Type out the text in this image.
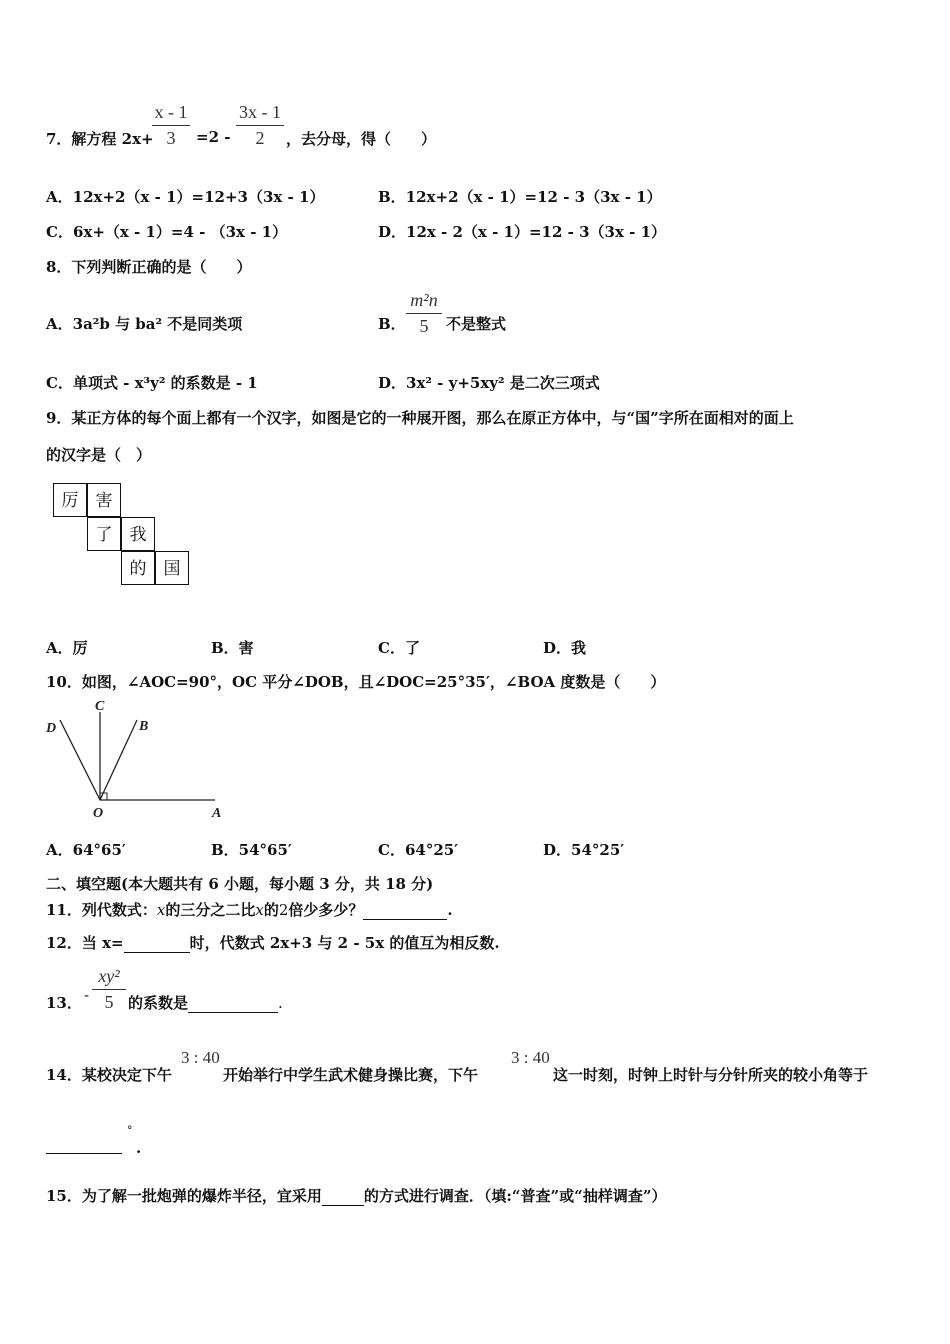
7．解方程 2x+
x - 1
3	=2 -
3x - 1
2	，去分母，得（　　）
A．12x+2（x - 1）=12+3（3x - 1）	B．12x+2（x - 1）=12 - 3（3x - 1）
C．6x+（x - 1）=4 - （3x - 1）	D．12x - 2（x - 1）=12 - 3（3x - 1）
8．下列判断正确的是（　　）
A．3a²b 与 ba² 不是同类项	B．
m²n
5	不是整式
C．单项式 - x³y² 的系数是 - 1	D．3x² - y+5xy² 是二次三项式
9．某正方体的每个面上都有一个汉字，如图是它的一种展开图，那么在原正方体中，与“国”字所在面相对的面上
的汉字是（　）
厉	害
了	我
的	国
A．厉	B．害	C．了	D．我
10．如图，∠AOC=90°，OC 平分∠DOB，且∠DOC=25°35′，∠BOA 度数是（　　）
C
D	B
O	A
A．64°65′	B．54°65′	C．64°25′	D．54°25′
二、填空题(本大题共有 6 小题，每小题 3 分，共 18 分)
11．列代数式：x的三分之二比x的2倍少多少？	.
12．当 x=	时，代数式 2x+3 与 2 - 5x 的值互为相反数.
13． -
xy²
5 的系数是	.
14．某校决定下午
3 : 40
开始举行中学生武术健身操比赛，下午
3 : 40
这一时刻，时钟上时针与分针所夹的较小角等于
°
.
15．为了解一批炮弹的爆炸半径，宜采用	的方式进行调查．（填:“普查”或“抽样调查”）
